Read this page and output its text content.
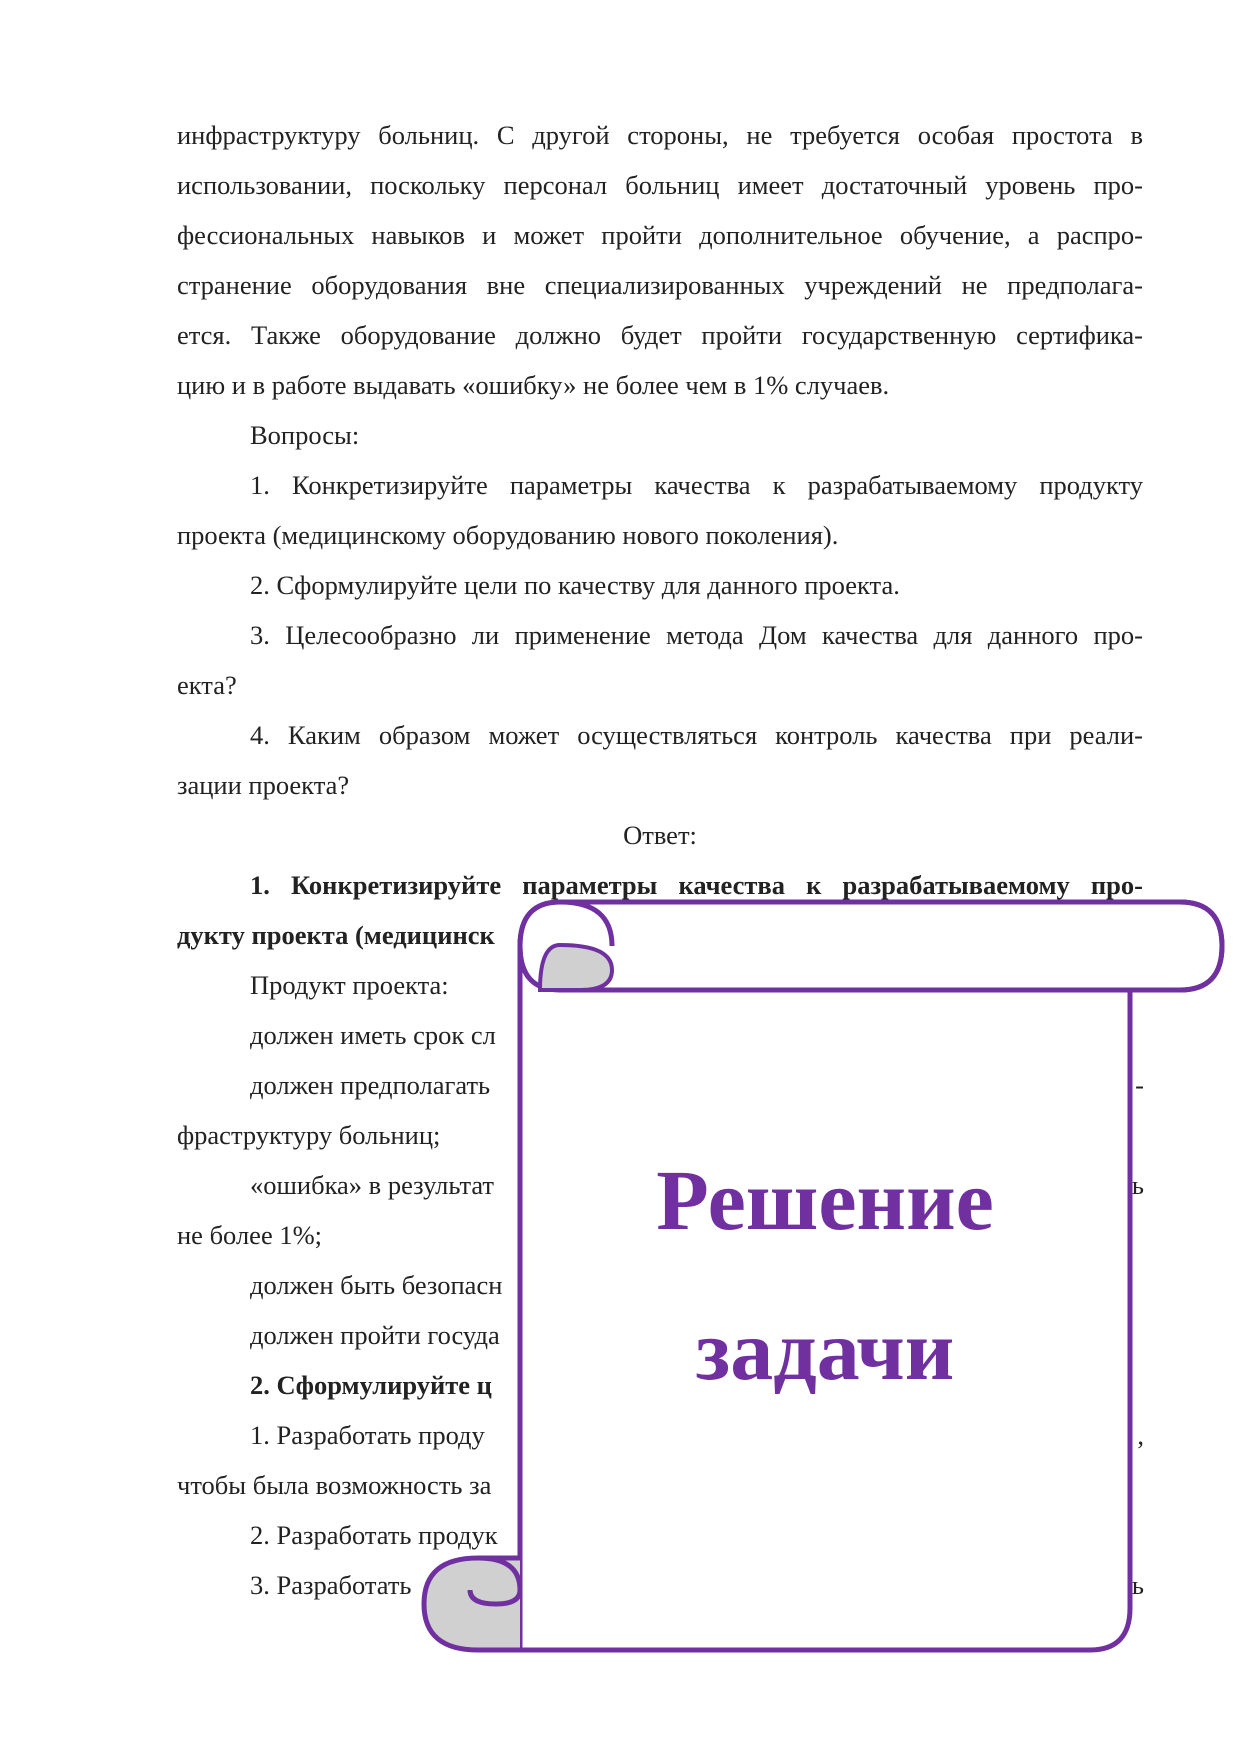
инфраструктуру больниц. С другой стороны, не требуется особая простота в
использовании, поскольку персонал больниц имеет достаточный уровень про-
фессиональных навыков и может пройти дополнительное обучение, а распро-
странение оборудования вне специализированных учреждений не предполага-
ется. Также оборудование должно будет пройти государственную сертифика-
цию и в работе выдавать «ошибку» не более чем в 1% случаев.
Вопросы:
1. Конкретизируйте параметры качества к разрабатываемому продукту
проекта (медицинскому оборудованию нового поколения).
2. Сформулируйте цели по качеству для данного проекта.
3. Целесообразно ли применение метода Дом качества для данного про-
екта?
4. Каким образом может осуществляться контроль качества при реали-
зации проекта?
Ответ:
1. Конкретизируйте параметры качества к разрабатываемому про-
дукту проекта (медицинск
Продукт проекта:
должен иметь срок сл
должен предполагать
фраструктуру больниц;
«ошибка» в результат
не более 1%;
должен быть безопасн
должен пройти госуда
2. Сформулируйте ц
1. Разработать проду
чтобы была возможность за
2. Разработать продук
3. Разработать
-
ь
,
ь
Решение
задачи
